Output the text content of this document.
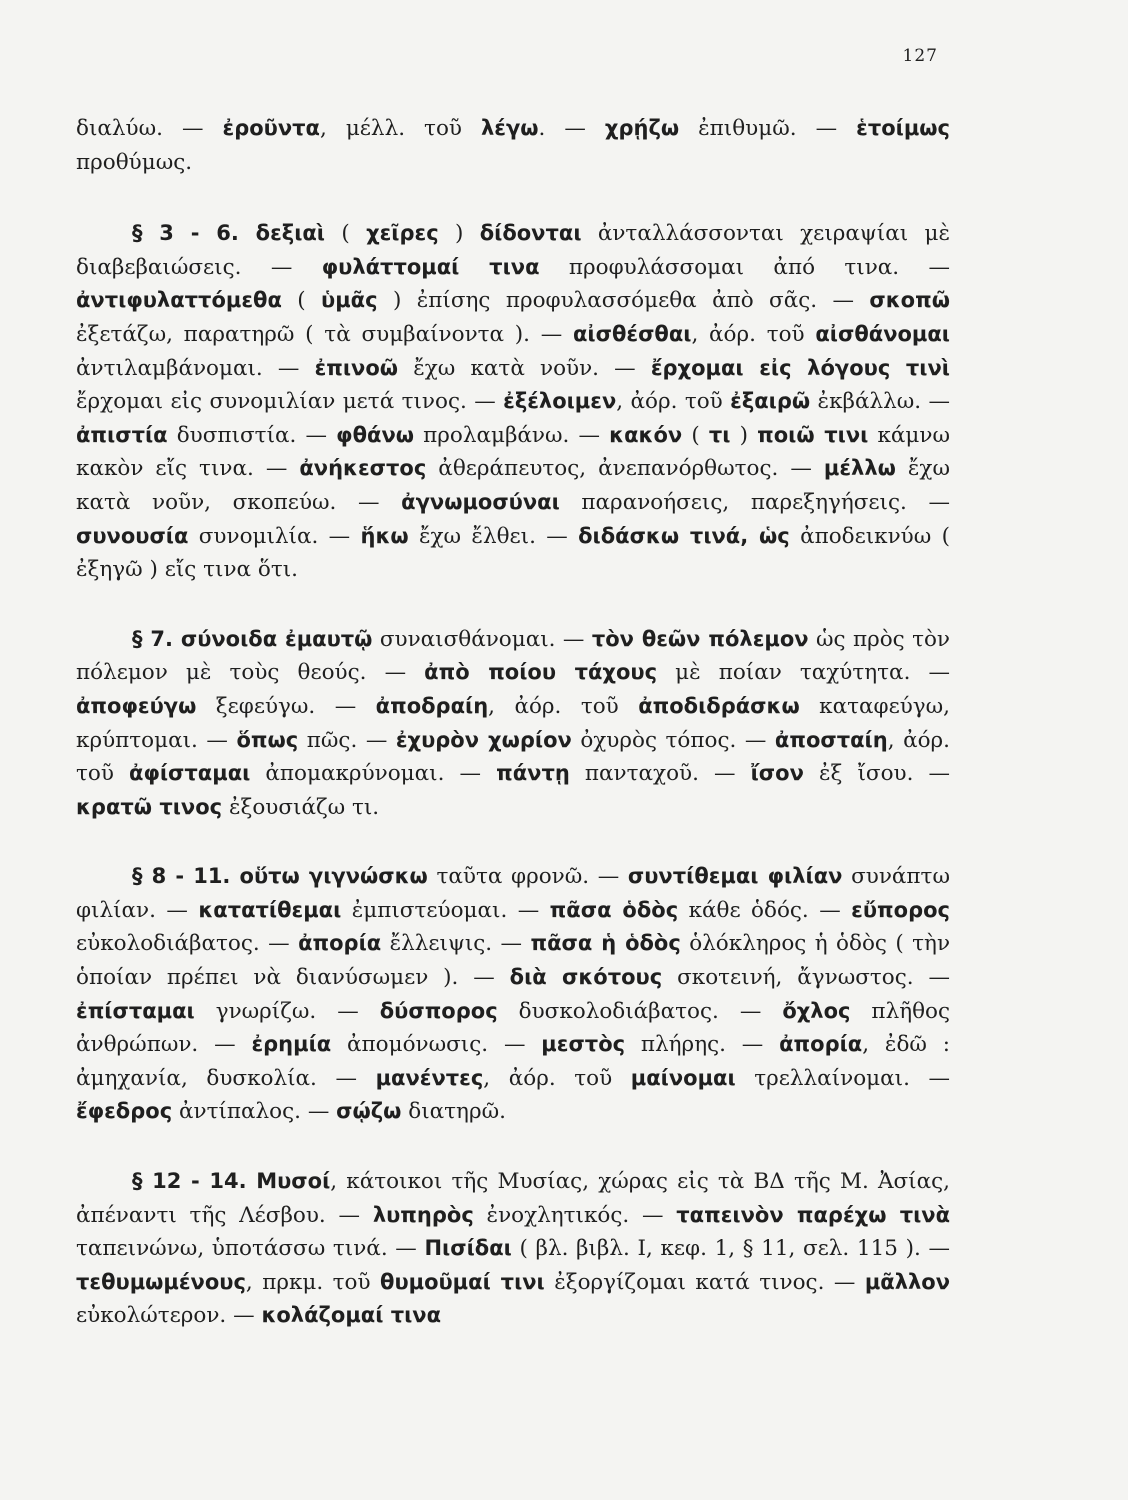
127

διαλύω. — ἐροῦντα, μέλλ. τοῦ λέγω. — χρῄζω ἐπιθυμῶ. — ἑτοίμως προθύμως.

§ 3 - 6. δεξιαὶ ( χεῖρες ) δίδονται ἀνταλλάσσονται χειραψίαι μὲ διαβεβαιώσεις. — φυλάττομαί τινα προφυλάσσομαι ἀπό τινα. — ἀντιφυλαττόμεθα ( ὑμᾶς ) ἐπίσης προφυλασσόμεθα ἀπὸ σᾶς. — σκοπῶ ἐξετάζω, παρατηρῶ ( τὰ συμβαίνοντα ). — αἰσθέσθαι, ἀόρ. τοῦ αἰσθάνομαι ἀντιλαμβάνομαι. — ἐπινοῶ ἔχω κατὰ νοῦν. — ἔρχομαι εἰς λόγους τινὶ ἔρχομαι εἰς συνομιλίαν μετά τινος. — ἐξέλοιμεν, ἀόρ. τοῦ ἐξαιρῶ ἐκβάλλω. — ἀπιστία δυσπιστία. — φθάνω προλαμβάνω. — κακόν ( τι ) ποιῶ τινι κάμνω κακὸν εἴς τινα. — ἀνήκεστος ἀθεράπευτος, ἀνεπανόρθωτος. — μέλλω ἔχω κατὰ νοῦν, σκοπεύω. — ἀγνωμοσύναι παρανοήσεις, παρεξηγήσεις. — συνουσία συνομιλία. — ἥκω ἔχω ἔλθει. — διδάσκω τινά, ὡς ἀποδεικνύω ( ἐξηγῶ ) εἴς τινα ὅτι.

§ 7. σύνοιδα ἐμαυτῷ συναισθάνομαι. — τὸν θεῶν πόλεμον ὡς πρὸς τὸν πόλεμον μὲ τοὺς θεούς. — ἀπὸ ποίου τάχους μὲ ποίαν ταχύτητα. — ἀποφεύγω ξεφεύγω. — ἀποδραίη, ἀόρ. τοῦ ἀποδιδράσκω καταφεύγω, κρύπτομαι. — ὅπως πῶς. — ἐχυρὸν χωρίον ὀχυρὸς τόπος. — ἀποσταίη, ἀόρ. τοῦ ἀφίσταμαι ἀπομακρύνομαι. — πάντῃ πανταχοῦ. — ἴσον ἐξ ἴσου. — κρατῶ τινος ἐξουσιάζω τι.

§ 8 - 11. οὕτω γιγνώσκω ταῦτα φρονῶ. — συντίθεμαι φιλίαν συνάπτω φιλίαν. — κατατίθεμαι ἐμπιστεύομαι. — πᾶσα ὁδὸς κάθε ὁδός. — εὔπορος εὐκολοδιάβατος. — ἀπορία ἔλλειψις. — πᾶσα ἡ ὁδὸς ὁλόκληρος ἡ ὁδὸς ( τὴν ὁποίαν πρέπει νὰ διανύσωμεν ). — διὰ σκότους σκοτεινή, ἄγνωστος. — ἐπίσταμαι γνωρίζω. — δύσπορος δυσκολοδιάβατος. — ὄχλος πλῆθος ἀνθρώπων. — ἐρημία ἀπομόνωσις. — μεστὸς πλήρης. — ἀπορία, ἐδῶ : ἀμηχανία, δυσκολία. — μανέντες, ἀόρ. τοῦ μαίνομαι τρελλαίνομαι. — ἔφεδρος ἀντίπαλος. — σῴζω διατηρῶ.

§ 12 - 14. Μυσοί, κάτοικοι τῆς Μυσίας, χώρας εἰς τὰ ΒΔ τῆς Μ. Ἀσίας, ἀπέναντι τῆς Λέσβου. — λυπηρὸς ἐνοχλητικός. — ταπεινὸν παρέχω τινὰ ταπεινώνω, ὑποτάσσω τινά. — Πισίδαι ( βλ. βιβλ. Ι, κεφ. 1, § 11, σελ. 115 ). — τεθυμωμένους, πρκμ. τοῦ θυμοῦμαί τινι ἐξοργίζομαι κατά τινος. — μᾶλλον εὐκολώτερον. — κολάζομαί τινα
